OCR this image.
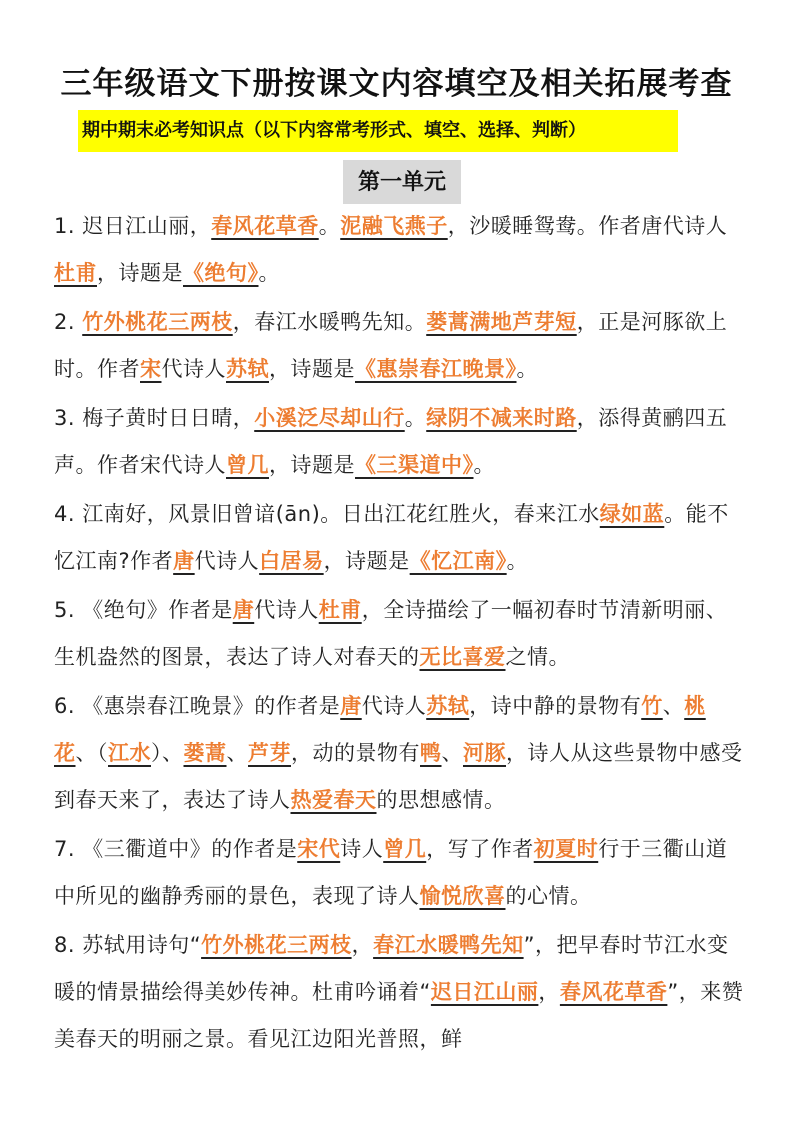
三年级语文下册按课文内容填空及相关拓展考查
期中期末必考知识点（以下内容常考形式、填空、选择、判断）
第一单元

1. 迟日江山丽，春风花草香。泥融飞燕子，沙暖睡鸳鸯。作者唐代诗人杜甫，诗题是《绝句》。

2. 竹外桃花三两枝，春江水暖鸭先知。蒌蒿满地芦芽短，正是河豚欲上时。作者宋代诗人苏轼，诗题是《惠崇春江晚景》。

3. 梅子黄时日日晴，小溪泛尽却山行。绿阴不减来时路，添得黄鹂四五声。作者宋代诗人曾几，诗题是《三渠道中》。

4. 江南好，风景旧曾谙(ān)。日出江花红胜火，春来江水绿如蓝。能不忆江南?作者唐代诗人白居易，诗题是《忆江南》。

5. 《绝句》作者是唐代诗人杜甫，全诗描绘了一幅初春时节清新明丽、生机盎然的图景，表达了诗人对春天的无比喜爱之情。

6. 《惠崇春江晚景》的作者是唐代诗人苏轼，诗中静的景物有竹、桃花、（江水）、蒌蒿、芦芽，动的景物有鸭、河豚，诗人从这些景物中感受到春天来了，表达了诗人热爱春天的思想感情。

7. 《三衢道中》的作者是宋代诗人曾几，写了作者初夏时行于三衢山道中所见的幽静秀丽的景色，表现了诗人愉悦欣喜的心情。

8. 苏轼用诗句“竹外桃花三两枝，春江水暖鸭先知”，把早春时节江水变暖的情景描绘得美妙传神。杜甫吟诵着“迟日江山丽，春风花草香”，来赞美春天的明丽之景。看见江边阳光普照，鲜
